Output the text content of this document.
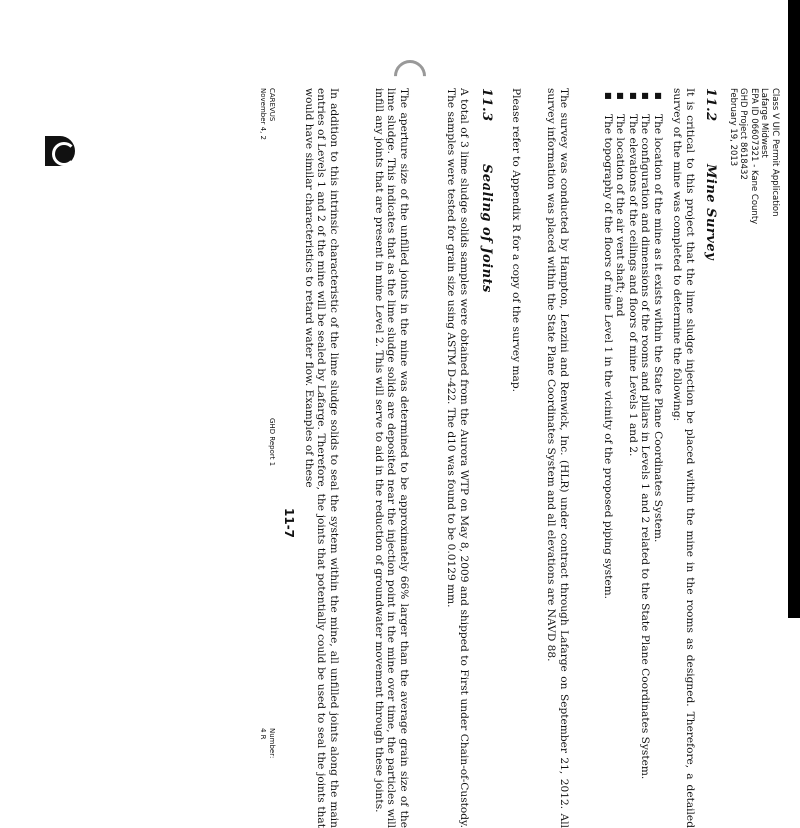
Class V UIC Permit Application
Lafarge Midwest
EPA ID 06607321 - Kane County
GHD Project 8618432
February 19, 2013
11.2Mine Survey
It is critical to this project that the lime sludge injection be placed within the mine in the rooms as designed. Therefore, a detailed survey of the mine was completed to determine the following:
■ The location of the mine as it exists within the State Plane Coordinates System.
■ The configuration and dimensions of the rooms and pillars in Levels 1 and 2 related to the State Plane Coordinates System.
■ The elevations of the ceilings and floors of mine Levels 1 and 2.
■ The location of the air vent shaft; and
■ The topography of the floors of mine Level 1 in the vicinity of the proposed piping system.
The survey was conducted by Hampton, Lenzini and Renwick, Inc. (HLR) under contract through Lafarge on September 21, 2012. All survey information was placed within the State Plane Coordinates System and all elevations are NAVD 88.
Please refer to Appendix R for a copy of the survey map.
11.3Sealing of Joints
A total of 3 lime sludge solids samples were obtained from the Aurora WTP on May 8, 2009 and shipped to First under Chain-of-Custody. The samples were tested for grain size using ASTM D-422. The d10 was found to be 0.0129 mm.
The aperture size of the unfilled joints in the mine was determined to be approximately 66% larger than the average grain size of the lime sludge. This indicates that as the lime sludge solids are deposited near the injection point in the mine over time, the particles will infill any joints that are present in mine Level 2. This will serve to aid in the reduction of groundwater movement through these joints.
In addition to this intrinsic characteristic of the lime sludge solids to seal the system within the mine, all unfilled joints along the main entries of Levels 1 and 2 of the mine will be sealed by Lafarge. Therefore, the joints that potentially could be used to seal the joints that would have similar characteristics to retard water flow. Examples of these
CAREVUS
November 4, 2
GHD Report 1
Number: 4 R
11-7
